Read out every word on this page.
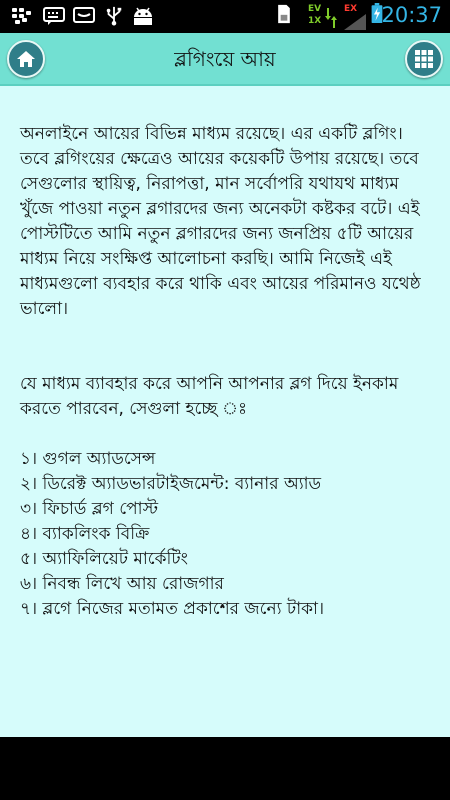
EV
1X
EX 20:37
ব্লগিংয়ে আয়

অনলাইনে আয়ের বিভিন্ন মাধ্যম রয়েছে। এর একটি ব্লগিং। তবে ব্লগিংয়ের ক্ষেত্রেও আয়ের কয়েকটি উপায় রয়েছে। তবে সেগুলোর স্থায়িত্ব, নিরাপত্তা, মান সর্বোপরি যথাযথ মাধ্যম খুঁজে পাওয়া নতুন ব্লগারদের জন্য অনেকটা কষ্টকর বটে। এই পোস্টটিতে আমি নতুন ব্লগারদের জন্য জনপ্রিয় ৫টি আয়ের মাধ্যম নিয়ে সংক্ষিপ্ত আলোচনা করছি। আমি নিজেই এই মাধ্যমগুলো ব্যবহার করে থাকি এবং আয়ের পরিমানও যথেষ্ঠ ভালো।

যে মাধ্যম ব্যাবহার করে আপনি আপনার ব্লগ দিয়ে ইনকাম করতে পারবেন, সেগুলা হচ্ছে ঃ

১। গুগল অ্যাডসেন্স
২। ডিরেক্ট অ্যাডভারটাইজমেন্ট: ব্যানার অ্যাড
৩। ফিচার্ড ব্লগ পোস্ট
৪। ব্যাকলিংক বিক্রি
৫। অ্যাফিলিয়েট মার্কেটিং
৬। নিবন্ধ লিখে আয় রোজগার
৭। ব্লগে নিজের মতামত প্রকাশের জন্যে টাকা।
